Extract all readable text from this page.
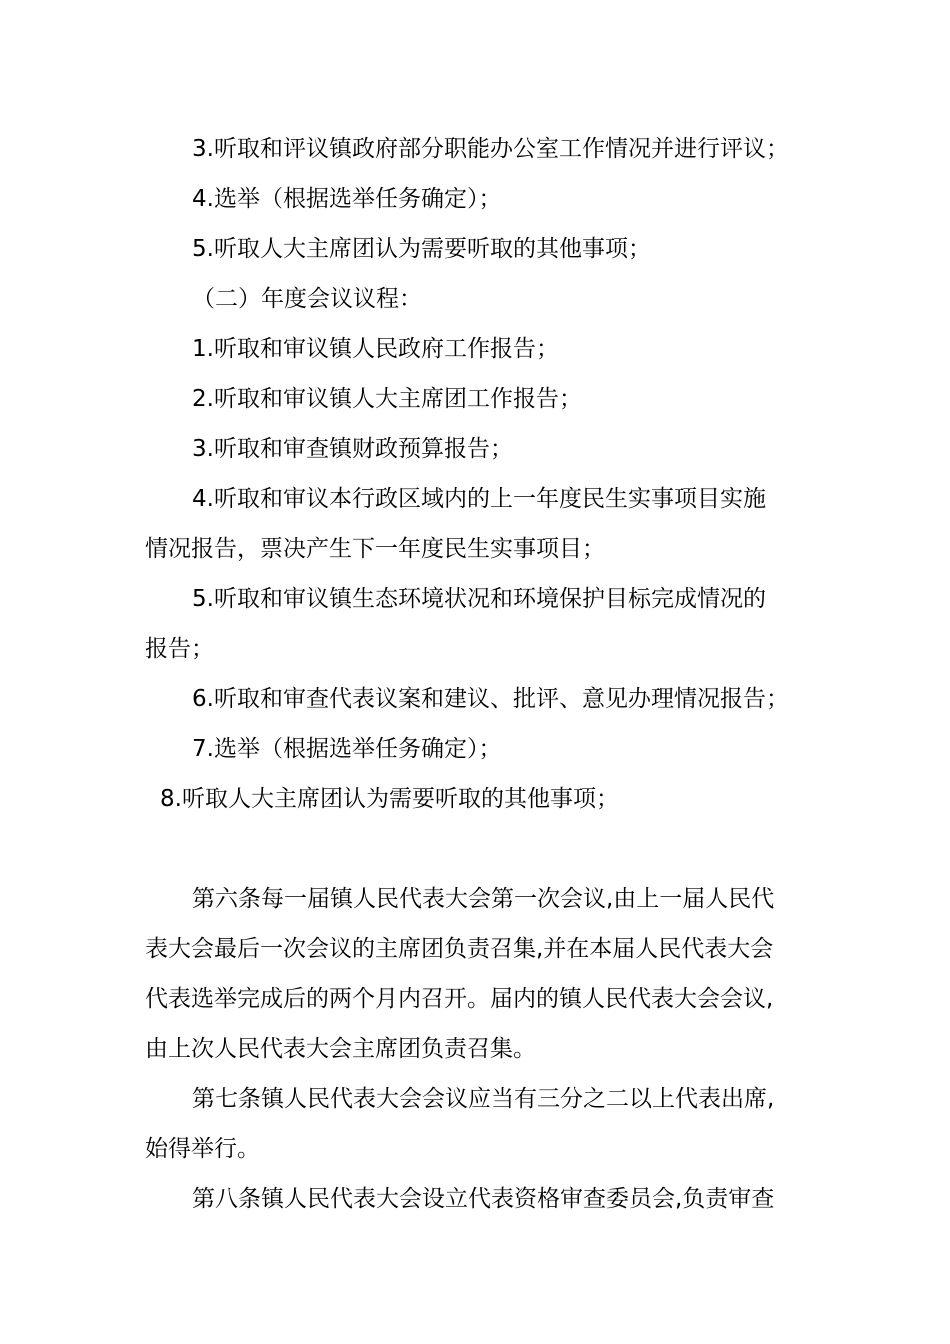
3.听取和评议镇政府部分职能办公室工作情况并进行评议；
4.选举（根据选举任务确定）；
5.听取人大主席团认为需要听取的其他事项；
（二）年度会议议程：
1.听取和审议镇人民政府工作报告；
2.听取和审议镇人大主席团工作报告；
3.听取和审查镇财政预算报告；
4.听取和审议本行政区域内的上一年度民生实事项目实施
情况报告，票决产生下一年度民生实事项目；
5.听取和审议镇生态环境状况和环境保护目标完成情况的
报告；
6.听取和审查代表议案和建议、批评、意见办理情况报告；
7.选举（根据选举任务确定）；
8.听取人大主席团认为需要听取的其他事项；
第六条每一届镇人民代表大会第一次会议,由上一届人民代
表大会最后一次会议的主席团负责召集,并在本届人民代表大会
代表选举完成后的两个月内召开。届内的镇人民代表大会会议,
由上次人民代表大会主席团负责召集。
第七条镇人民代表大会会议应当有三分之二以上代表出席,
始得举行。
第八条镇人民代表大会设立代表资格审查委员会,负责审查
